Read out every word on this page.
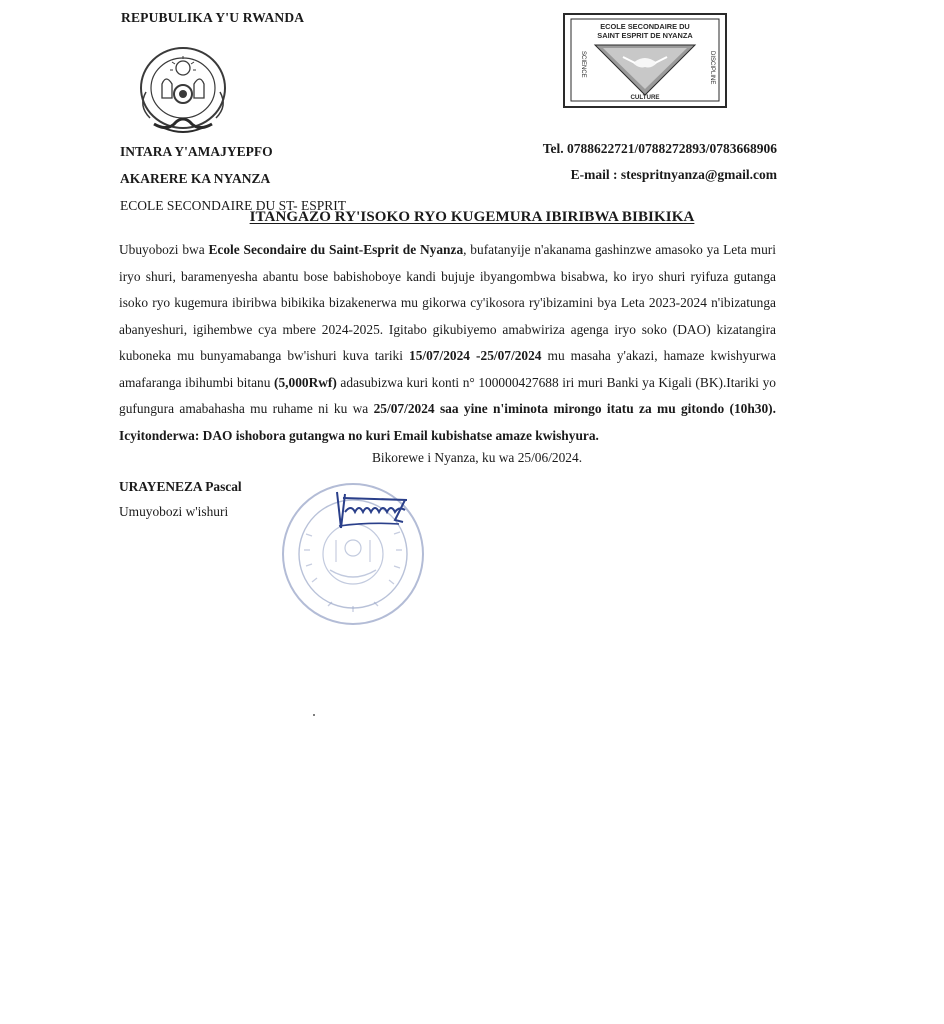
REPUBULIKA Y'U RWANDA
ECOLE SECONDAIRE DU
SAINT ESPRIT DE NYANZA
SCIENCE	DISCIPLINE
CULTURE
INTARA Y'AMAJYEPFO
AKARERE KA NYANZA
ECOLE SECONDAIRE DU ST- ESPRIT
Tel. 0788622721/0788272893/0783668906
E-mail : stespritnyanza@gmail.com
ITANGAZO RY'ISOKO RYO KUGEMURA IBIRIBWA BIBIKIKA
Ubuyobozi bwa Ecole Secondaire du Saint-Esprit de Nyanza, bufatanyije n'akanama gashinzwe amasoko ya Leta muri iryo shuri, baramenyesha abantu bose babishoboye kandi bujuje ibyangombwa bisabwa, ko iryo shuri ryifuza gutanga isoko ryo kugemura ibiribwa bibikika bizakenerwa mu gikorwa cy'ikosora ry'ibizamini bya Leta 2023-2024 n'ibizatunga abanyeshuri, igihembwe cya mbere 2024-2025. Igitabo gikubiyemo amabwiriza agenga iryo soko (DAO) kizatangira kuboneka mu bunyamabanga bw'ishuri kuva tariki 15/07/2024 -25/07/2024 mu masaha y'akazi, hamaze kwishyurwa amafaranga ibihumbi bitanu (5,000Rwf) adasubizwa kuri konti n° 100000427688 iri muri Banki ya Kigali (BK).Itariki yo gufungura amabahasha mu ruhame ni ku wa 25/07/2024 saa yine n'iminota mirongo itatu za mu gitondo (10h30). Icyitonderwa: DAO ishobora gutangwa no kuri Email kubishatse amaze kwishyura.
Bikorewe i Nyanza, ku wa 25/06/2024.
URAYENEZA Pascal
Umuyobozi w'ishuri
